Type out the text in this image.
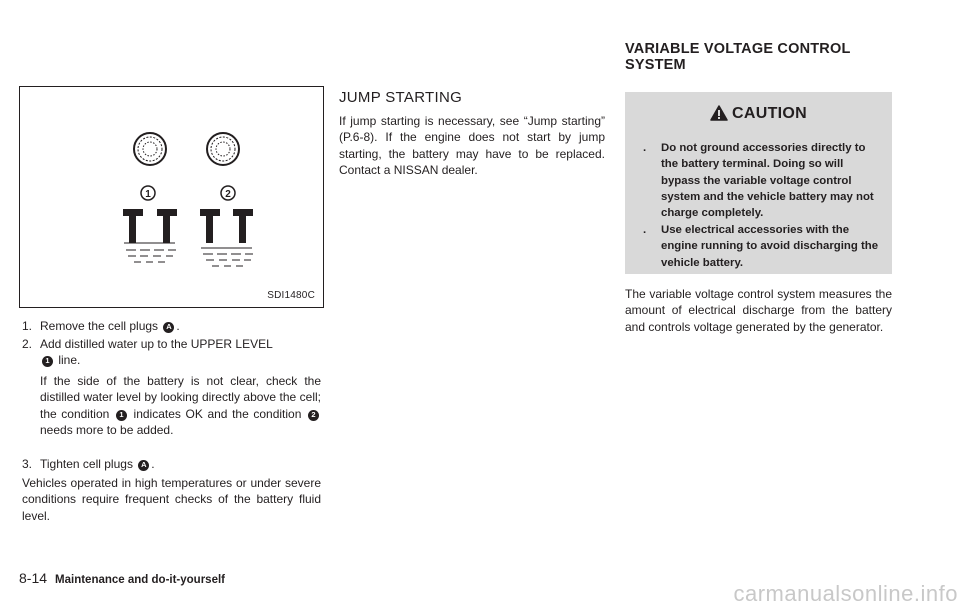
1	2
SDI1480C
1. Remove the cell plugs A .
2. Add distilled water up to the UPPER LEVEL
1 line.
If the side of the battery is not clear, check the distilled water level by looking directly above the cell; the condition 1 indicates OK and the condition 2 needs more to be added.
3. Tighten cell plugs A .
Vehicles operated in high temperatures or under severe conditions require frequent checks of the battery fluid level.
JUMP STARTING
If jump starting is necessary, see “Jump starting” (P.6-8). If the engine does not start by jump starting, the battery may have to be replaced. Contact a NISSAN dealer.
VARIABLE VOLTAGE CONTROL
SYSTEM
CAUTION
. Do not ground accessories directly to the battery terminal. Doing so will bypass the variable voltage control system and the vehicle battery may not charge completely.
. Use electrical accessories with the engine running to avoid discharging the vehicle battery.
The variable voltage control system measures the amount of electrical discharge from the battery and controls voltage generated by the generator.
8-14 Maintenance and do-it-yourself
carmanualsonline.info
